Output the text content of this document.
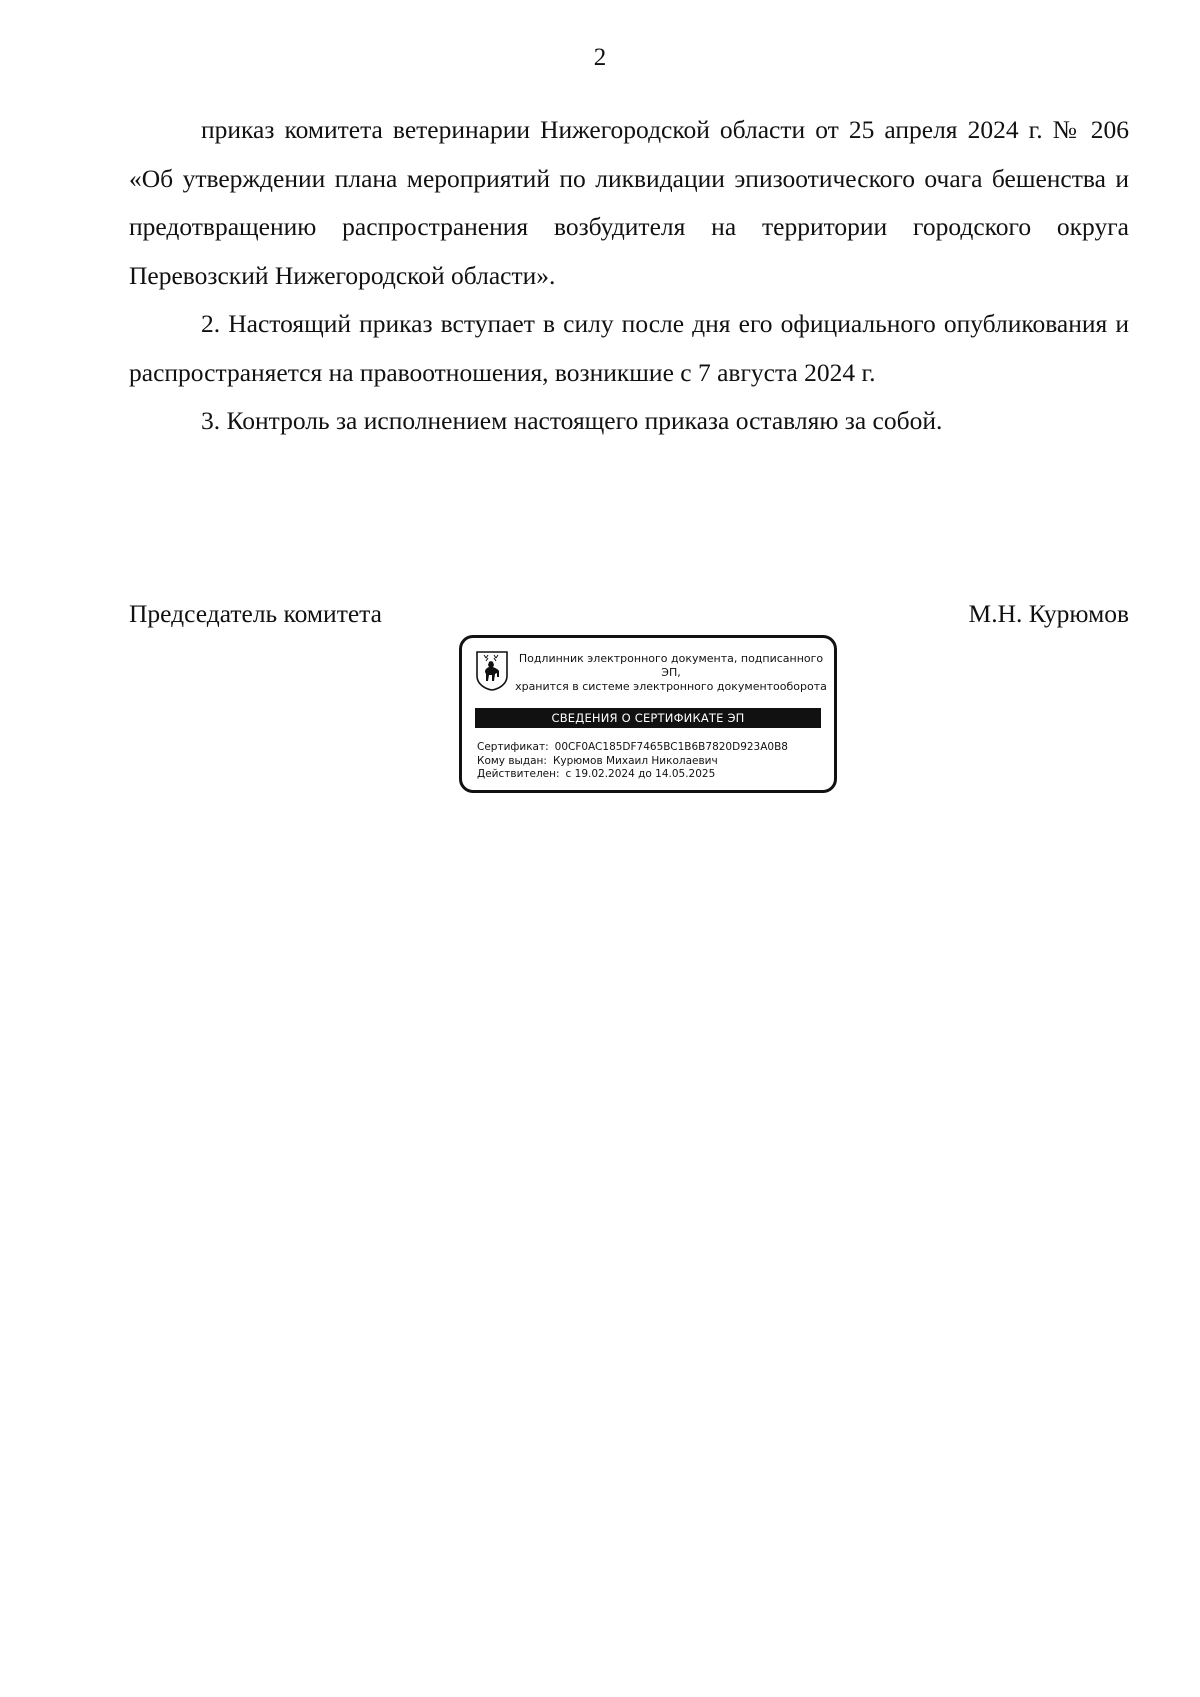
2

приказ комитета ветеринарии Нижегородской области от 25 апреля 2024 г. № 206 «Об утверждении плана мероприятий по ликвидации эпизоотического очага бешенства и предотвращению распространения возбудителя на территории городского округа Перевозский Нижегородской области».

2. Настоящий приказ вступает в силу после дня его официального опубликования и распространяется на правоотношения, возникшие с 7 августа 2024 г.

3. Контроль за исполнением настоящего приказа оставляю за собой.

Председатель комитета	М.Н. Курюмов
Подлинник электронного документа, подписанного ЭП,
хранится в системе электронного документооборота
СВЕДЕНИЯ О СЕРТИФИКАТЕ ЭП
Сертификат: 00CF0AC185DF7465BC1B6B7820D923A0B8
Кому выдан: Курюмов Михаил Николаевич
Действителен: с 19.02.2024 до 14.05.2025
